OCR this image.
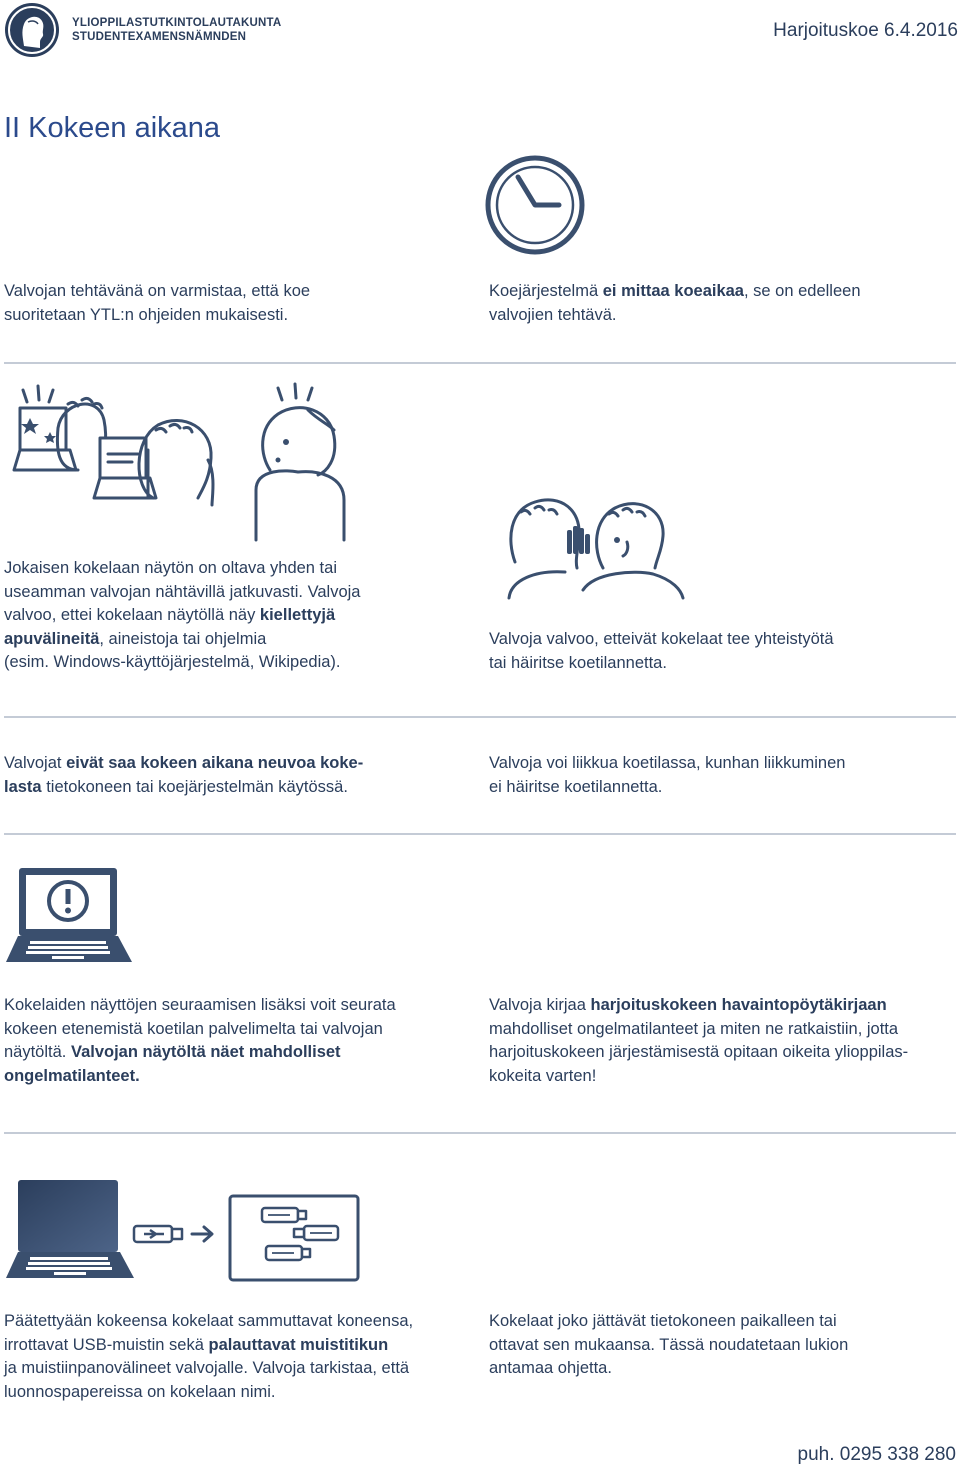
YLIOPPILASTUTKINTOLAUTAKUNTA
STUDENTEXAMENSNÄMNDEN	Harjoituskoe 6.4.2016
II Kokeen aikana
Valvojan tehtävänä on varmistaa, että koe
suoritetaan YTL:n ohjeiden mukaisesti.
Koejärjestelmä ei mittaa koeaikaa, se on edelleen
valvojien tehtävä.
Jokaisen kokelaan näytön on oltava yhden tai
useamman valvojan nähtävillä jatkuvasti. Valvoja
valvoo, ettei kokelaan näytöllä näy kiellettyjä
apuvälineitä, aineistoja tai ohjelmia
(esim. Windows-käyttöjärjestelmä, Wikipedia).
Valvoja valvoo, etteivät kokelaat tee yhteistyötä
tai häiritse koetilannetta.
Valvojat eivät saa kokeen aikana neuvoa koke-
lasta tietokoneen tai koejärjestelmän käytössä.
Valvoja voi liikkua koetilassa, kunhan liikkuminen
ei häiritse koetilannetta.
Kokelaiden näyttöjen seuraamisen lisäksi voit seurata
kokeen etenemistä koetilan palvelimelta tai valvojan
näytöltä. Valvojan näytöltä näet mahdolliset
ongelmatilanteet.
Valvoja kirjaa harjoituskokeen havaintopöytäkirjaan
mahdolliset ongelmatilanteet ja miten ne ratkaistiin, jotta
harjoituskokeen järjestämisestä opitaan oikeita ylioppilas-
kokeita varten!
Päätettyään kokeensa kokelaat sammuttavat koneensa,
irrottavat USB-muistin sekä palauttavat muistitikun
ja muistiinpanovälineet valvojalle. Valvoja tarkistaa, että
luonnospapereissa on kokelaan nimi.
Kokelaat joko jättävät tietokoneen paikalleen tai
ottavat sen mukaansa. Tässä noudatetaan lukion
antamaa ohjetta.
puh. 0295 338 280
